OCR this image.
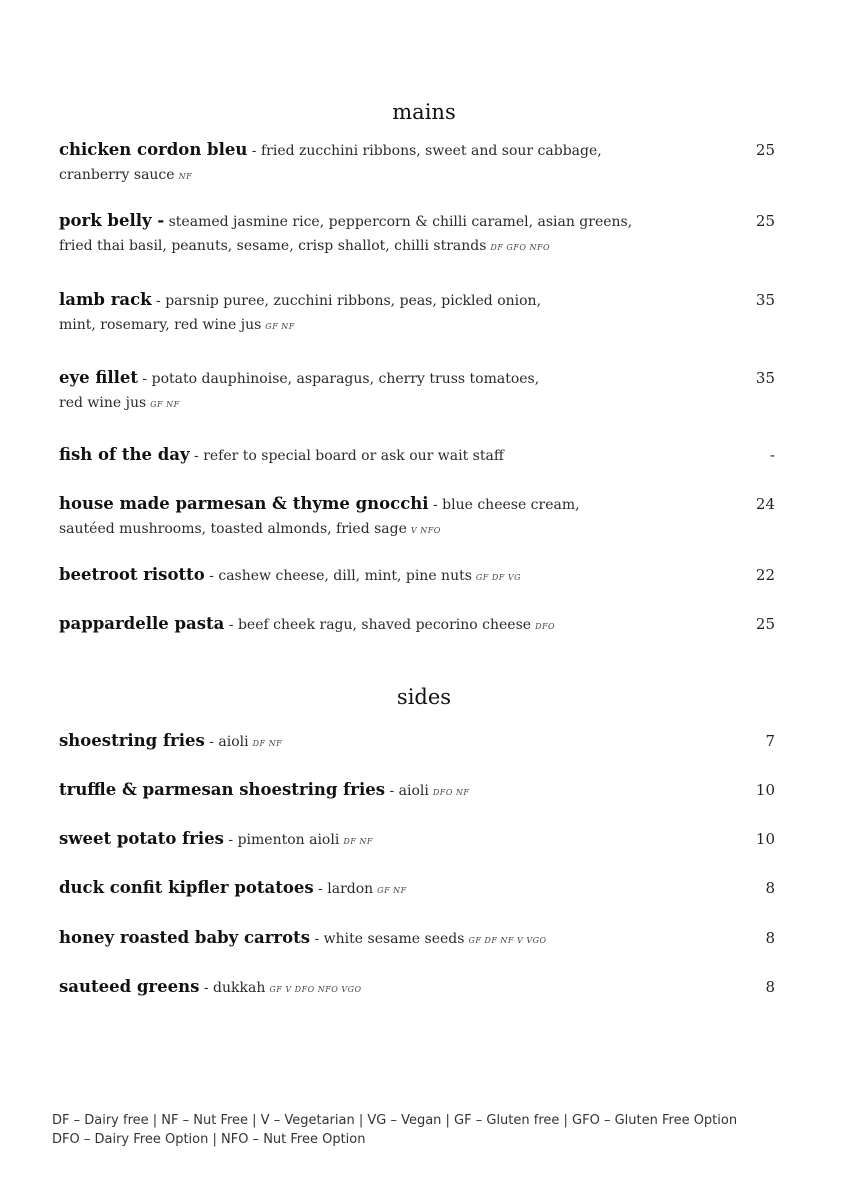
mains
chicken cordon bleu - fried zucchini ribbons, sweet and sour cabbage,
cranberry sauce NF
25
pork belly - steamed jasmine rice, peppercorn & chilli caramel, asian greens,
fried thai basil, peanuts, sesame, crisp shallot, chilli strands DF GFO NFO
25
lamb rack - parsnip puree, zucchini ribbons, peas, pickled onion,
mint, rosemary, red wine jus GF NF
35
eye fillet - potato dauphinoise, asparagus, cherry truss tomatoes,
red wine jus GF NF
35
fish of the day - refer to special board or ask our wait staff	-
house made parmesan & thyme gnocchi - blue cheese cream,
sautéed mushrooms, toasted almonds, fried sage V NFO
24
beetroot risotto - cashew cheese, dill, mint, pine nuts GF DF VG	22
pappardelle pasta - beef cheek ragu, shaved pecorino cheese DFO	25
sides
shoestring fries - aioli DF NF	7
truffle & parmesan shoestring fries - aioli DFO NF	10
sweet potato fries - pimenton aioli DF NF	10
duck confit kipfler potatoes - lardon GF NF	8
honey roasted baby carrots - white sesame seeds GF DF NF V VGO	8
sauteed greens - dukkah GF V DFO NFO VGO	8
DF – Dairy free | NF – Nut Free | V – Vegetarian | VG – Vegan | GF – Gluten free | GFO – Gluten Free Option
DFO – Dairy Free Option | NFO – Nut Free Option
